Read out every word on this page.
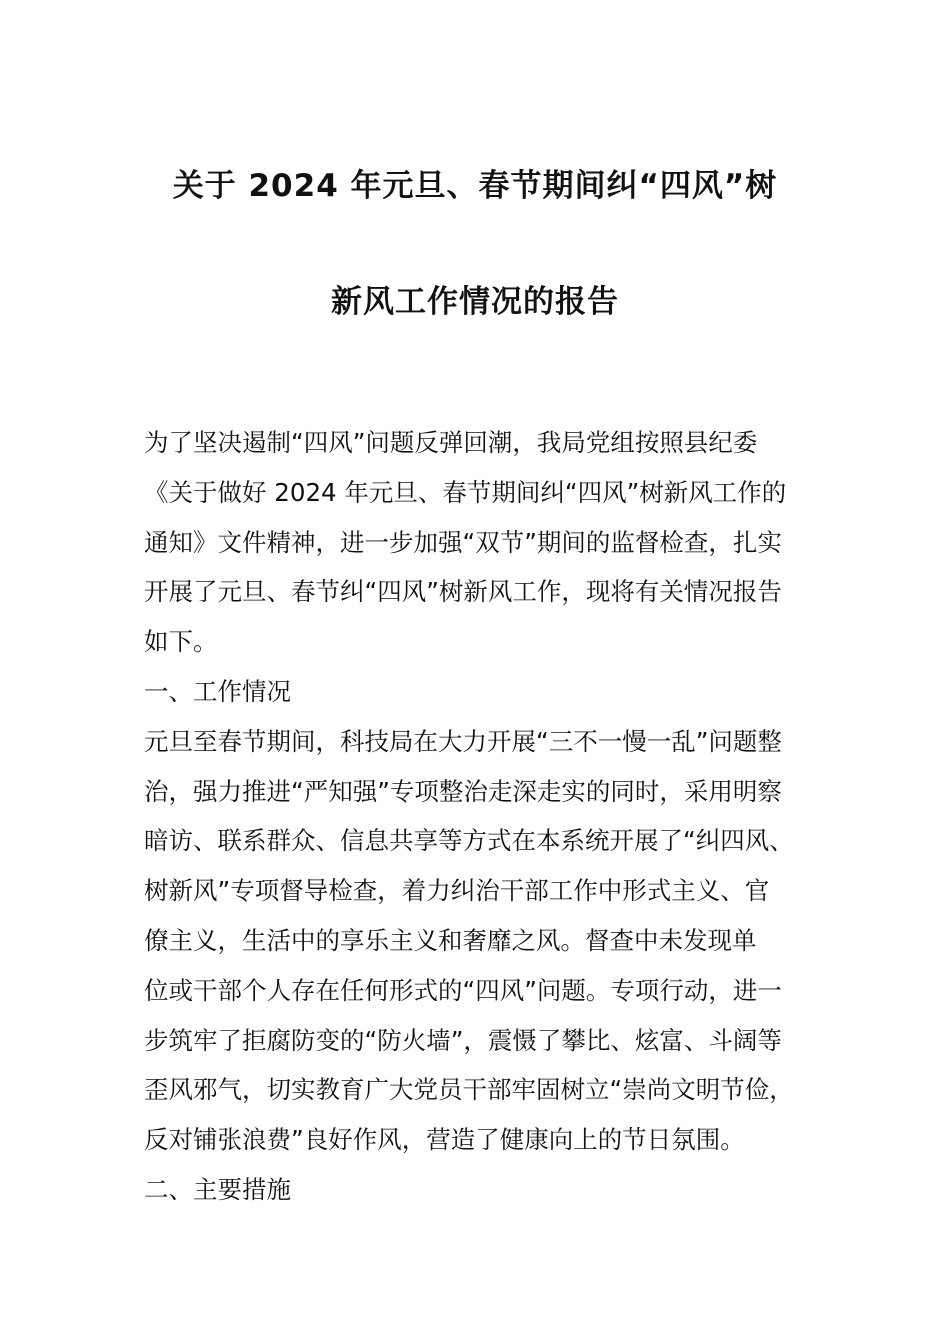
关于 2024 年元旦、春节期间纠“四风”树
新风工作情况的报告
为了坚决遏制“四风”问题反弹回潮，我局党组按照县纪委
《关于做好 2024 年元旦、春节期间纠“四风”树新风工作的
通知》文件精神，进一步加强“双节”期间的监督检查，扎实
开展了元旦、春节纠“四风”树新风工作，现将有关情况报告
如下。
一、工作情况
元旦至春节期间，科技局在大力开展“三不一慢一乱”问题整
治，强力推进“严知强”专项整治走深走实的同时，采用明察
暗访、联系群众、信息共享等方式在本系统开展了“纠四风、
树新风”专项督导检查，着力纠治干部工作中形式主义、官
僚主义，生活中的享乐主义和奢靡之风。督查中未发现单
位或干部个人存在任何形式的“四风”问题。专项行动，进一
步筑牢了拒腐防变的“防火墙”，震慑了攀比、炫富、斗阔等
歪风邪气，切实教育广大党员干部牢固树立“崇尚文明节俭，
反对铺张浪费”良好作风，营造了健康向上的节日氛围。
二、主要措施
